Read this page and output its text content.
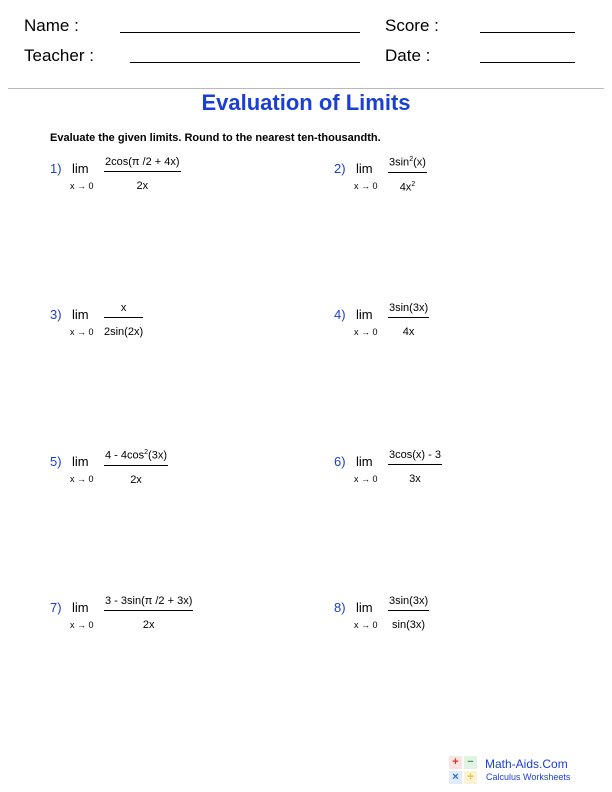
Name :	Score :
Teacher :	Date :
Evaluation of Limits
Evaluate the given limits. Round to the nearest ten-thousandth.
1) lim
x → 0
2cos(π /2 + 4x)
2x
2) lim
x → 0
$3\sin^2(x)$
$4x^2$
3) lim
x → 0
x
2sin(2x)
4) lim
x → 0
3sin(3x)
4x
5) lim
x → 0
$4 - 4\cos^2(3x)$
2x
6) lim
x → 0
3cos(x) - 3
3x
7) lim
x → 0
3 - 3sin(π /2 + 3x)
2x
8) lim
x → 0
3sin(3x)
sin(3x)
+ −
× ÷
Math-Aids.Com
Calculus Worksheets
